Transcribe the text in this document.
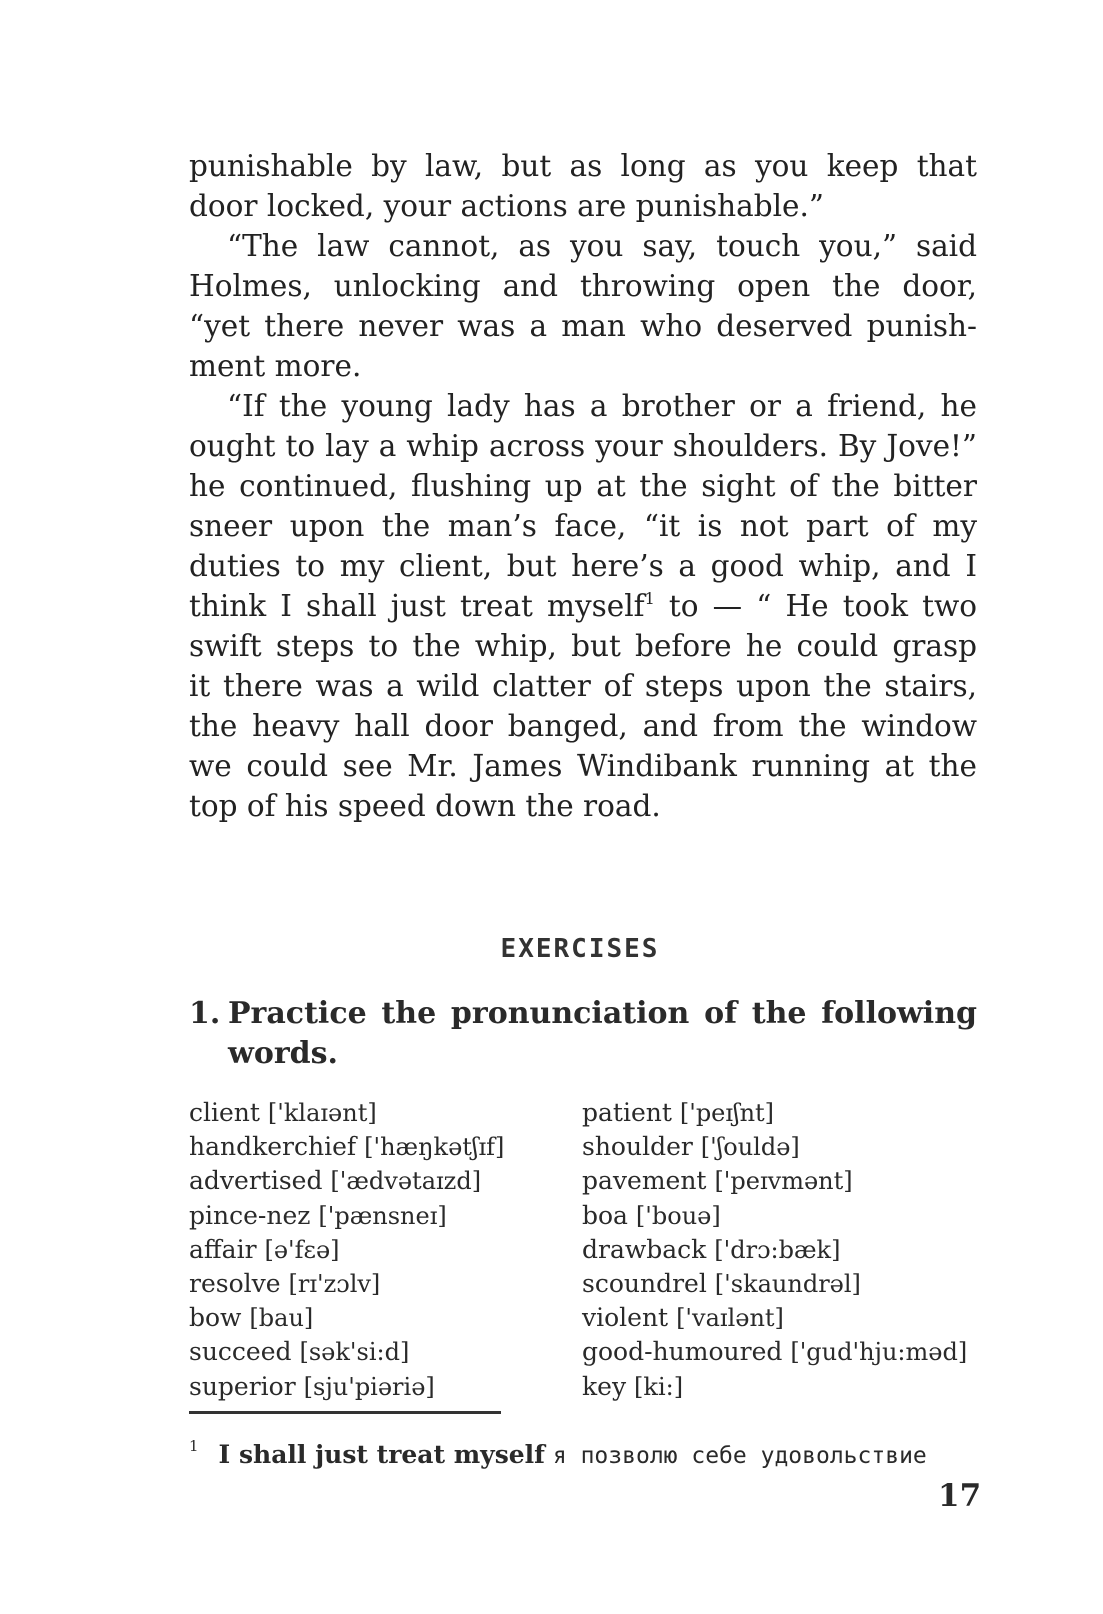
punishable by law, but as long as you keep that
door locked, your actions are punishable.”

“The law cannot, as you say, touch you,” said
Holmes, unlocking and throwing open the door,
“yet there never was a man who deserved punish-
ment more.

“If the young lady has a brother or a friend, he
ought to lay a whip across your shoulders. By Jove!”
he continued, flushing up at the sight of the bitter
sneer upon the man’s face, “it is not part of my
duties to my client, but here’s a good whip, and I
think I shall just treat myself$^1$ to — “ He took two
swift steps to the whip, but before he could grasp
it there was a wild clatter of steps upon the stairs,
the heavy hall door banged, and from the window
we could see Mr. James Windibank running at the
top of his speed down the road.

EXERCISES
1. Practice the pronunciation of the following
words.
client ['klaɪənt]
handkerchief ['hæŋkətʃɪf]
advertised ['ædvətaɪzd]
pince-nez ['pænsneɪ]
affair [ə'fɛə]
resolve [rɪ'zɔlv]
bow [bau]
succeed [sək'si:d]
superior [sju'piəriə]
patient ['peɪʃnt]
shoulder ['ʃouldə]
pavement ['peɪvmənt]
boa ['bouə]
drawback ['drɔ:bæk]
scoundrel ['skaundrəl]
violent ['vaɪlənt]
good-humoured ['gud'hju:məd]
key [ki:]
$^1$ I shall just treat myself я позволю себе удовольствие
17
